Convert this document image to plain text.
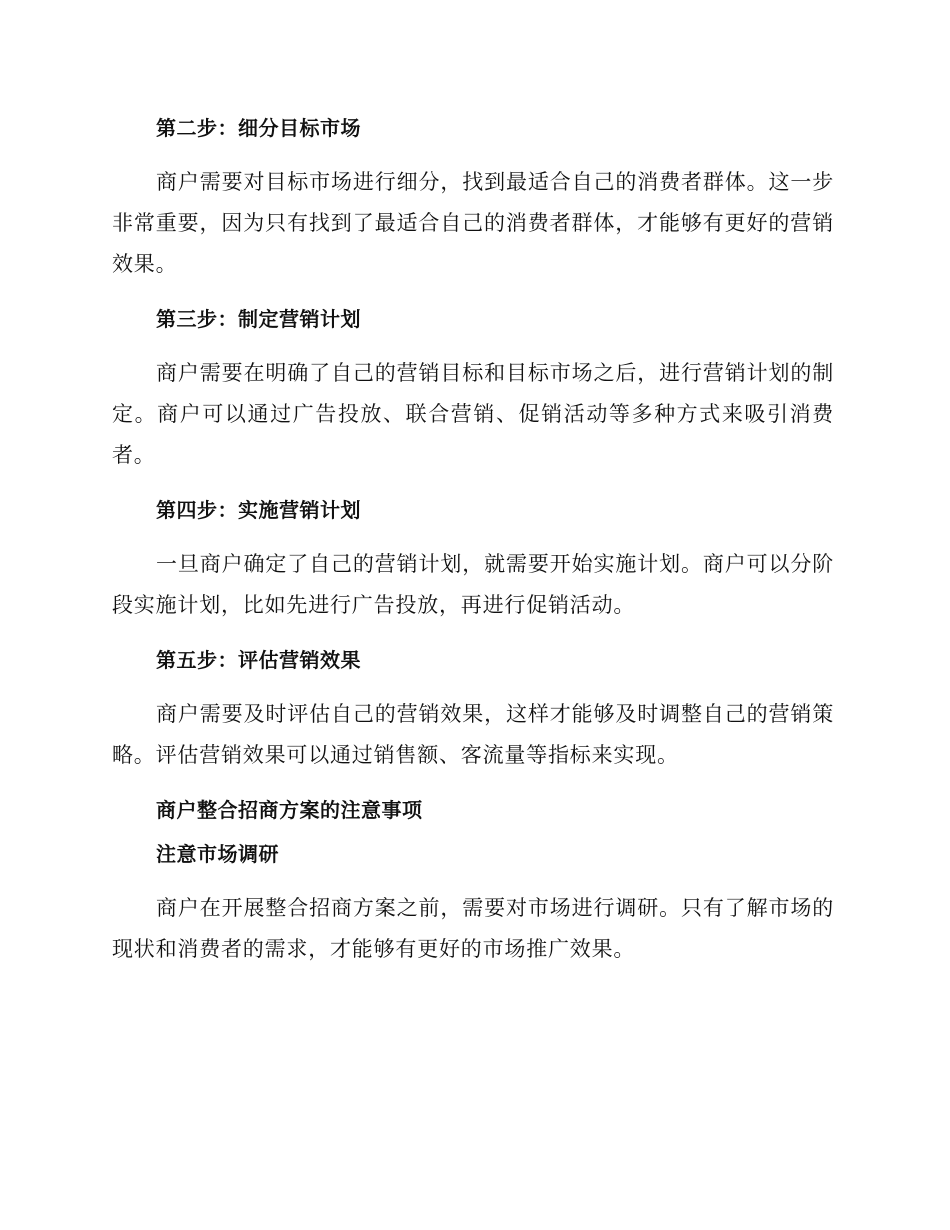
第二步：细分目标市场

商户需要对目标市场进行细分，找到最适合自己的消费者群体。这一步非常重要，因为只有找到了最适合自己的消费者群体，才能够有更好的营销效果。

第三步：制定营销计划

商户需要在明确了自己的营销目标和目标市场之后，进行营销计划的制定。商户可以通过广告投放、联合营销、促销活动等多种方式来吸引消费者。

第四步：实施营销计划

一旦商户确定了自己的营销计划，就需要开始实施计划。商户可以分阶段实施计划，比如先进行广告投放，再进行促销活动。

第五步：评估营销效果

商户需要及时评估自己的营销效果，这样才能够及时调整自己的营销策略。评估营销效果可以通过销售额、客流量等指标来实现。

商户整合招商方案的注意事项
注意市场调研

商户在开展整合招商方案之前，需要对市场进行调研。只有了解市场的现状和消费者的需求，才能够有更好的市场推广效果。
